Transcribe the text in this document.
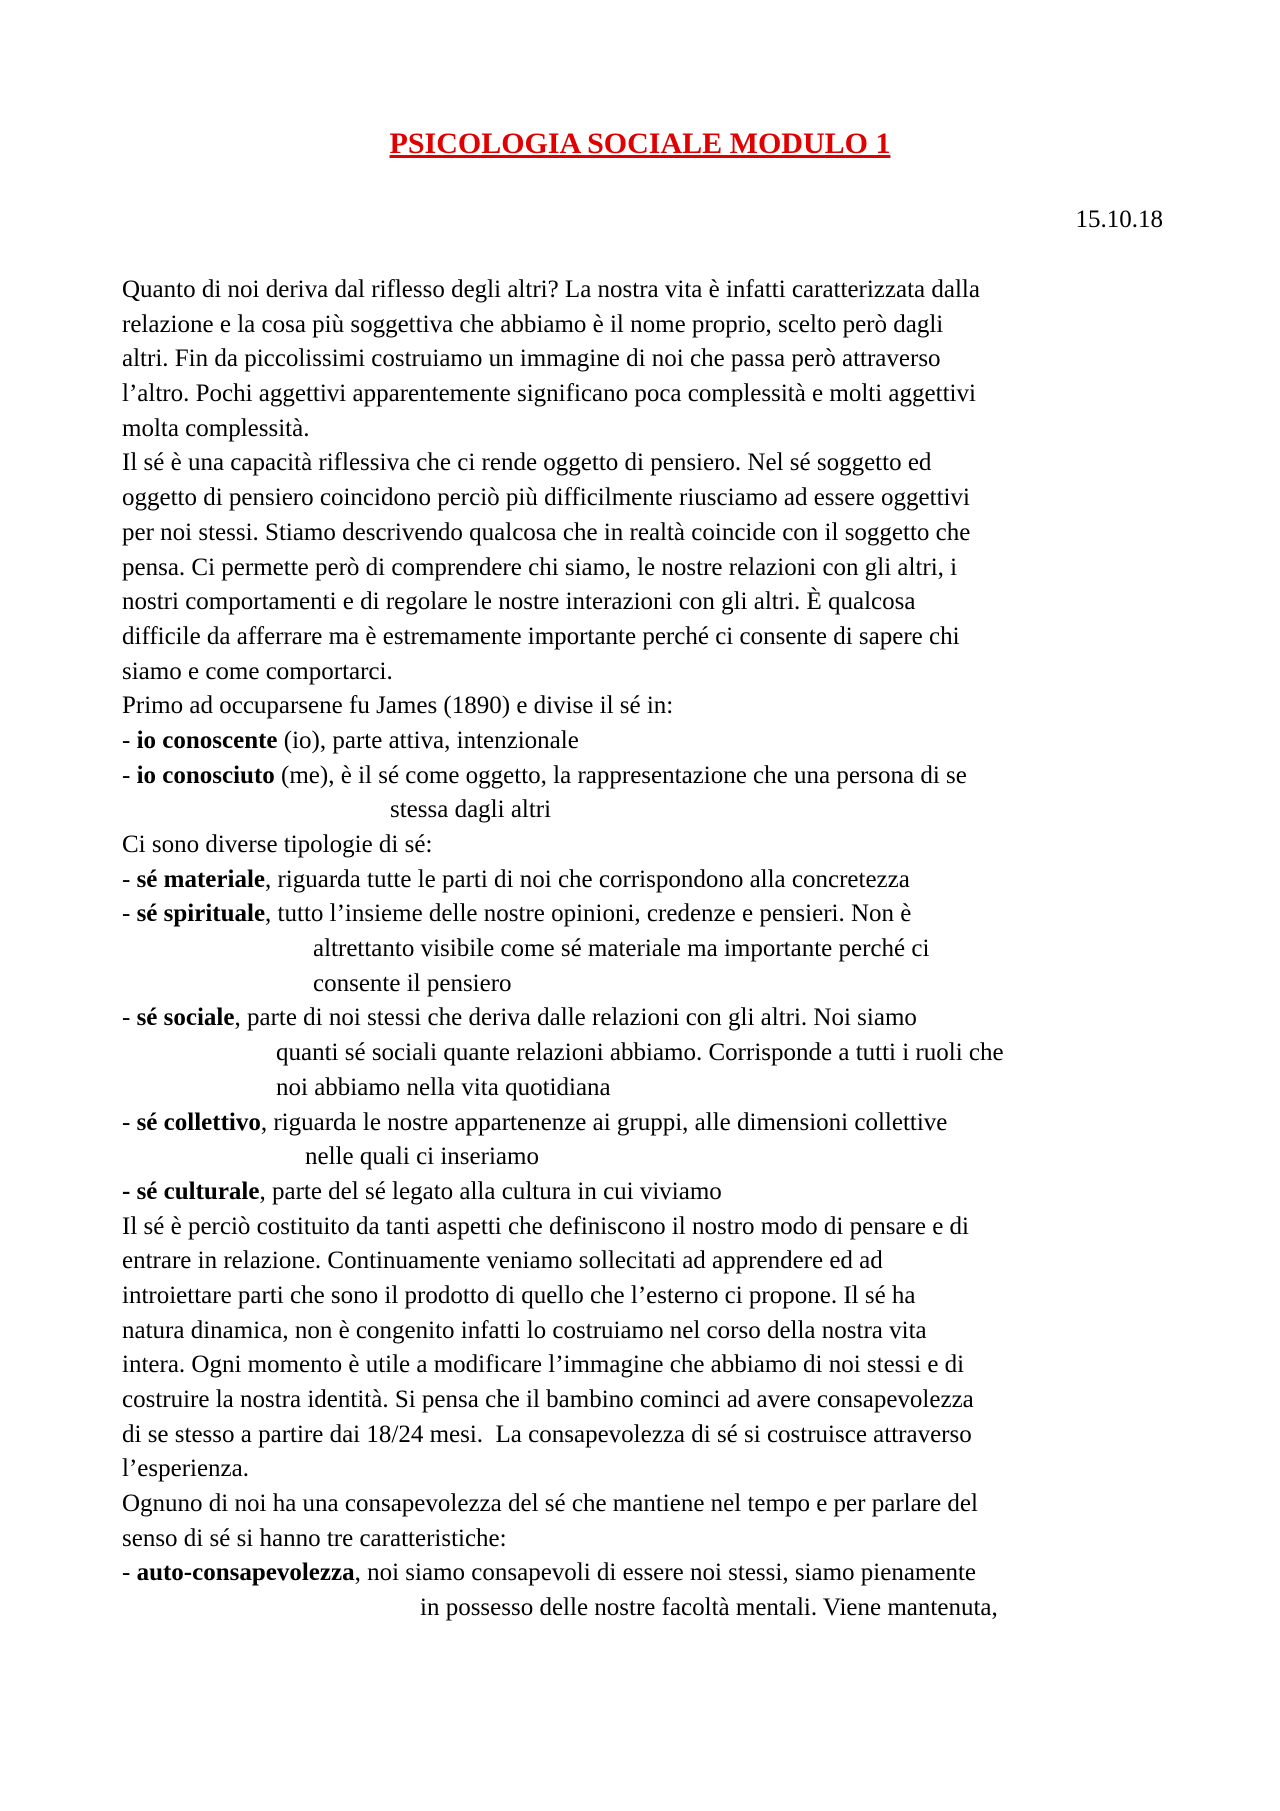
PSICOLOGIA SOCIALE MODULO 1
15.10.18
Quanto di noi deriva dal riflesso degli altri? La nostra vita è infatti caratterizzata dalla
relazione e la cosa più soggettiva che abbiamo è il nome proprio, scelto però dagli
altri. Fin da piccolissimi costruiamo un immagine di noi che passa però attraverso
l’altro. Pochi aggettivi apparentemente significano poca complessità e molti aggettivi
molta complessità.
Il sé è una capacità riflessiva che ci rende oggetto di pensiero. Nel sé soggetto ed
oggetto di pensiero coincidono perciò più difficilmente riusciamo ad essere oggettivi
per noi stessi. Stiamo descrivendo qualcosa che in realtà coincide con il soggetto che
pensa. Ci permette però di comprendere chi siamo, le nostre relazioni con gli altri, i
nostri comportamenti e di regolare le nostre interazioni con gli altri. È qualcosa
difficile da afferrare ma è estremamente importante perché ci consente di sapere chi
siamo e come comportarci.
Primo ad occuparsene fu James (1890) e divise il sé in:
- io conoscente (io), parte attiva, intenzionale
- io conosciuto (me), è il sé come oggetto, la rappresentazione che una persona di se
stessa dagli altri
Ci sono diverse tipologie di sé:
- sé materiale, riguarda tutte le parti di noi che corrispondono alla concretezza
- sé spirituale, tutto l’insieme delle nostre opinioni, credenze e pensieri. Non è
altrettanto visibile come sé materiale ma importante perché ci
consente il pensiero
- sé sociale, parte di noi stessi che deriva dalle relazioni con gli altri. Noi siamo
quanti sé sociali quante relazioni abbiamo. Corrisponde a tutti i ruoli che
noi abbiamo nella vita quotidiana
- sé collettivo, riguarda le nostre appartenenze ai gruppi, alle dimensioni collettive
nelle quali ci inseriamo
- sé culturale, parte del sé legato alla cultura in cui viviamo
Il sé è perciò costituito da tanti aspetti che definiscono il nostro modo di pensare e di
entrare in relazione. Continuamente veniamo sollecitati ad apprendere ed ad
introiettare parti che sono il prodotto di quello che l’esterno ci propone. Il sé ha
natura dinamica, non è congenito infatti lo costruiamo nel corso della nostra vita
intera. Ogni momento è utile a modificare l’immagine che abbiamo di noi stessi e di
costruire la nostra identità. Si pensa che il bambino cominci ad avere consapevolezza
di se stesso a partire dai 18/24 mesi.  La consapevolezza di sé si costruisce attraverso
l’esperienza.
Ognuno di noi ha una consapevolezza del sé che mantiene nel tempo e per parlare del
senso di sé si hanno tre caratteristiche:
- auto-consapevolezza, noi siamo consapevoli di essere noi stessi, siamo pienamente
in possesso delle nostre facoltà mentali. Viene mantenuta,
